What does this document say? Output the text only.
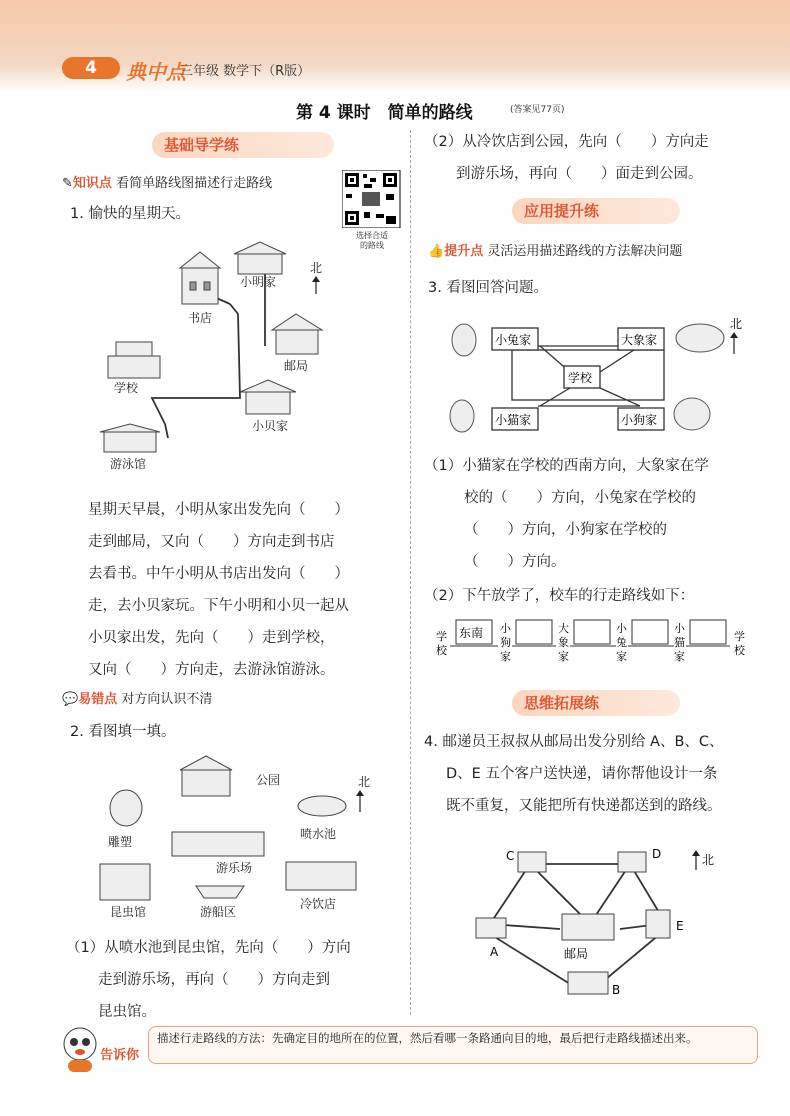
4	典中点
三年级 数学下（R版）
第 4 课时　简单的路线	(答案见77页)
基础导学练
✎知识点 看简单路线图描述行走路线
选择合适
的路线
1. 愉快的星期天。
小明家
书店
邮局
学校
小贝家
游泳馆
北
星期天早晨，小明从家出发先向（　　）
走到邮局，又向（　　）方向走到书店
去看书。中午小明从书店出发向（　　）
走，去小贝家玩。下午小明和小贝一起从
小贝家出发，先向（　　）走到学校，
又向（　　）方向走，去游泳馆游泳。
💬易错点 对方向认识不清
2. 看图填一填。
公园
雕塑
喷水池
游乐场
昆虫馆	游船区
冷饮店
北
（1）从喷水池到昆虫馆，先向（　　）方向
走到游乐场，再向（　　）方向走到
昆虫馆。
（2）从冷饮店到公园，先向（　　）方向走
到游乐场，再向（　　）面走到公园。
应用提升练
👍提升点 灵活运用描述路线的方法解决问题
3. 看图回答问题。
小兔家	大象家
学校
小猫家	小狗家
北
（1）小猫家在学校的西南方向，大象家在学
校的（　　）方向，小兔家在学校的
（　　）方向，小狗家在学校的
（　　）方向。
（2）下午放学了，校车的行走路线如下：
学
校
东南 小
狗
家
大
象
家
小
兔
家
小
猫
家
学
校
思维拓展练
4. 邮递员王叔叔从邮局出发分别给 A、B、C、
D、E 五个客户送快递，请你帮他设计一条
既不重复，又能把所有快递都送到的路线。
C	D
A	邮局
E
B
北
告诉你
描述行走路线的方法：先确定目的地所在的位置，然后看哪一条路通向目的地，最后把行走路线描述出来。
